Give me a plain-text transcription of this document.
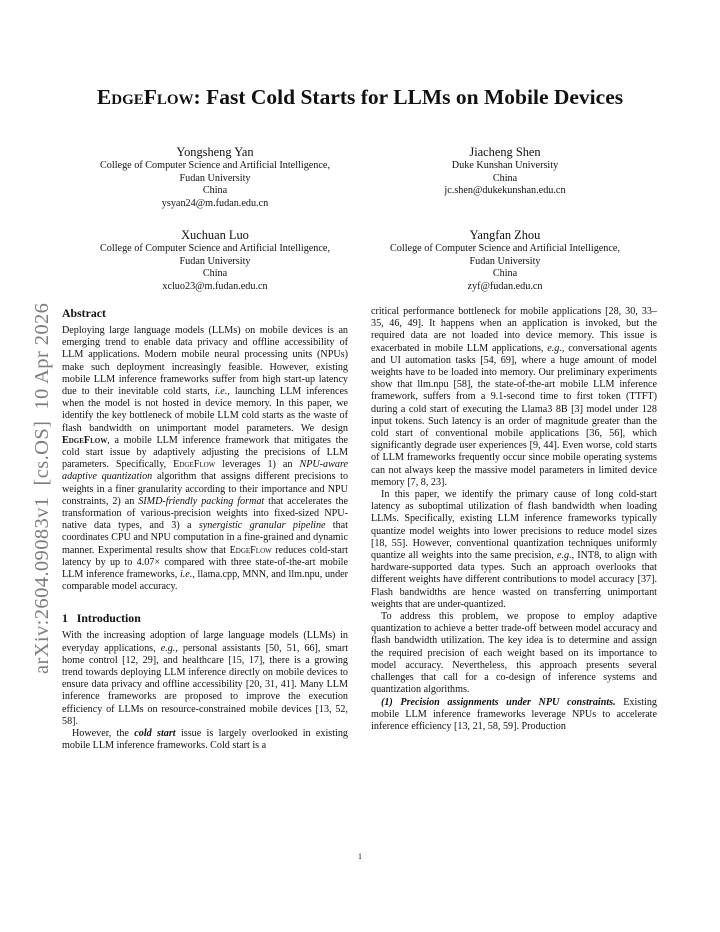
arXiv:2604.09083v1  [cs.OS]  10 Apr 2026
EdgeFlow: Fast Cold Starts for LLMs on Mobile Devices
Yongsheng Yan
College of Computer Science and Artificial Intelligence,
Fudan University
China
ysyan24@m.fudan.edu.cn
Jiacheng Shen
Duke Kunshan University
China
jc.shen@dukekunshan.edu.cn
Xuchuan Luo
College of Computer Science and Artificial Intelligence,
Fudan University
China
xcluo23@m.fudan.edu.cn
Yangfan Zhou
College of Computer Science and Artificial Intelligence,
Fudan University
China
zyf@fudan.edu.cn
Abstract

Deploying large language models (LLMs) on mobile devices is an emerging trend to enable data privacy and offline accessibility of LLM applications. Modern mobile neural processing units (NPUs) make such deployment increasingly feasible. However, existing mobile LLM inference frameworks suffer from high start-up latency due to their inevitable cold starts, i.e., launching LLM inferences when the model is not hosted in device memory. In this paper, we identify the key bottleneck of mobile LLM cold starts as the waste of flash bandwidth on unimportant model parameters. We design EdgeFlow, a mobile LLM inference framework that mitigates the cold start issue by adaptively adjusting the precisions of LLM parameters. Specifically, EdgeFlow leverages 1) an NPU-aware adaptive quantization algorithm that assigns different precisions to weights in a finer granularity according to their importance and NPU constraints, 2) an SIMD-friendly packing format that accelerates the transformation of various-precision weights into fixed-sized NPU-native data types, and 3) a synergistic granular pipeline that coordinates CPU and NPU computation in a fine-grained and dynamic manner. Experimental results show that EdgeFlow reduces cold-start latency by up to 4.07× compared with three state-of-the-art mobile LLM inference frameworks, i.e., llama.cpp, MNN, and llm.npu, under comparable model accuracy.

1   Introduction

With the increasing adoption of large language models (LLMs) in everyday applications, e.g., personal assistants [50, 51, 66], smart home control [12, 29], and healthcare [15, 17], there is a growing trend towards deploying LLM inference directly on mobile devices to ensure data privacy and offline accessibility [20, 31, 41]. Many LLM inference frameworks are proposed to improve the execution efficiency of LLMs on resource-constrained mobile devices [13, 52, 58].

However, the cold start issue is largely overlooked in existing mobile LLM inference frameworks. Cold start is a

critical performance bottleneck for mobile applications [28, 30, 33–35, 46, 49]. It happens when an application is invoked, but the required data are not loaded into device memory. This issue is exacerbated in mobile LLM applications, e.g., conversational agents and UI automation tasks [54, 69], where a huge amount of model weights have to be loaded into memory. Our preliminary experiments show that llm.npu [58], the state-of-the-art mobile LLM inference framework, suffers from a 9.1-second time to first token (TTFT) during a cold start of executing the Llama3 8B [3] model under 128 input tokens. Such latency is an order of magnitude greater than the cold start of conventional mobile applications [36, 56], which significantly degrade user experiences [9, 44]. Even worse, cold starts of LLM frameworks frequently occur since mobile operating systems can not always keep the massive model parameters in limited device memory [7, 8, 23].

In this paper, we identify the primary cause of long cold-start latency as suboptimal utilization of flash bandwidth when loading LLMs. Specifically, existing LLM inference frameworks typically quantize model weights into lower precisions to reduce model sizes [18, 55]. However, conventional quantization techniques uniformly quantize all weights into the same precision, e.g., INT8, to align with hardware-supported data types. Such an approach overlooks that different weights have different contributions to model accuracy [37]. Flash bandwidths are hence wasted on transferring unimportant weights that are under-quantized.

To address this problem, we propose to employ adaptive quantization to achieve a better trade-off between model accuracy and flash bandwidth utilization. The key idea is to determine and assign the required precision of each weight based on its importance to model accuracy. Nevertheless, this approach presents several challenges that call for a co-design of inference systems and quantization algorithms.

(1) Precision assignments under NPU constraints. Existing mobile LLM inference frameworks leverage NPUs to accelerate inference efficiency [13, 21, 58, 59]. Production

1
